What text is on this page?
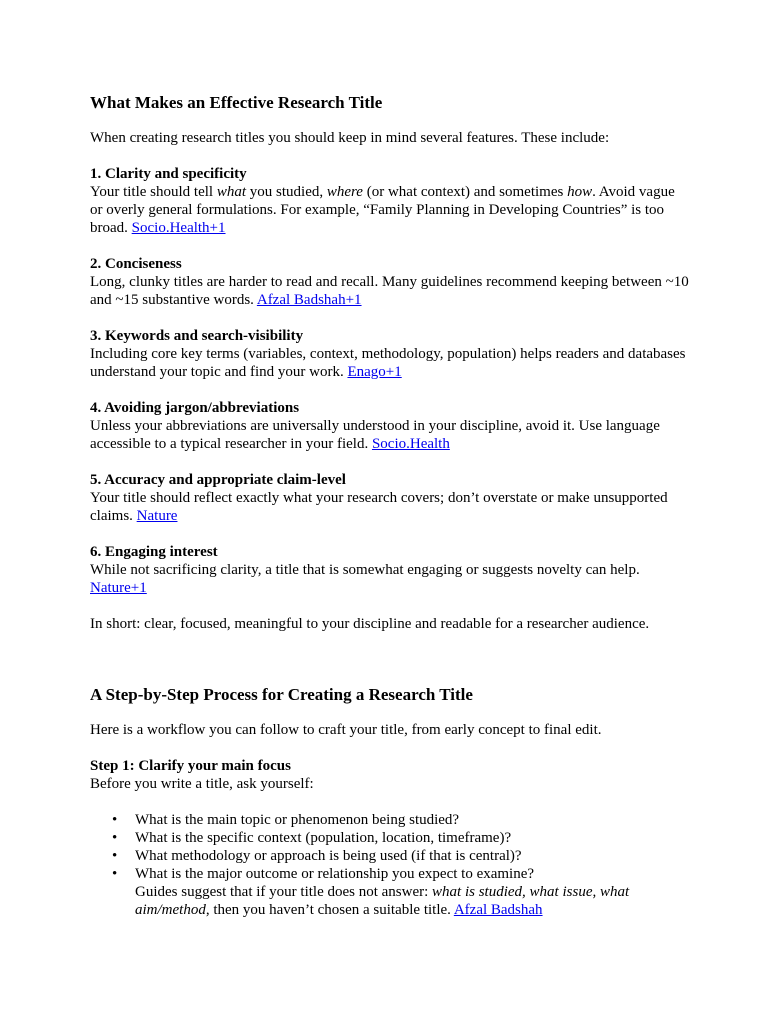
What Makes an Effective Research Title

When creating research titles you should keep in mind several features. These include:

1. Clarity and specificity

Your title should tell what you studied, where (or what context) and sometimes how. Avoid vague or overly general formulations. For example, “Family Planning in Developing Countries” is too broad. Socio.Health+1

2. Conciseness

Long, clunky titles are harder to read and recall. Many guidelines recommend keeping between ~10 and ~15 substantive words. Afzal Badshah+1

3. Keywords and search-visibility

Including core key terms (variables, context, methodology, population) helps readers and databases understand your topic and find your work. Enago+1

4. Avoiding jargon/abbreviations

Unless your abbreviations are universally understood in your discipline, avoid it. Use language accessible to a typical researcher in your field. Socio.Health

5. Accuracy and appropriate claim-level

Your title should reflect exactly what your research covers; don’t overstate or make unsupported claims. Nature

6. Engaging interest

While not sacrificing clarity, a title that is somewhat engaging or suggests novelty can help. Nature+1

In short: clear, focused, meaningful to your discipline and readable for a researcher audience.

A Step-by-Step Process for Creating a Research Title

Here is a workflow you can follow to craft your title, from early concept to final edit.

Step 1: Clarify your main focus

Before you write a title, ask yourself:

• What is the main topic or phenomenon being studied?
• What is the specific context (population, location, timeframe)?
• What methodology or approach is being used (if that is central)?
• What is the major outcome or relationship you expect to examine?
Guides suggest that if your title does not answer: what is studied, what issue, what aim/method, then you haven’t chosen a suitable title. Afzal Badshah
